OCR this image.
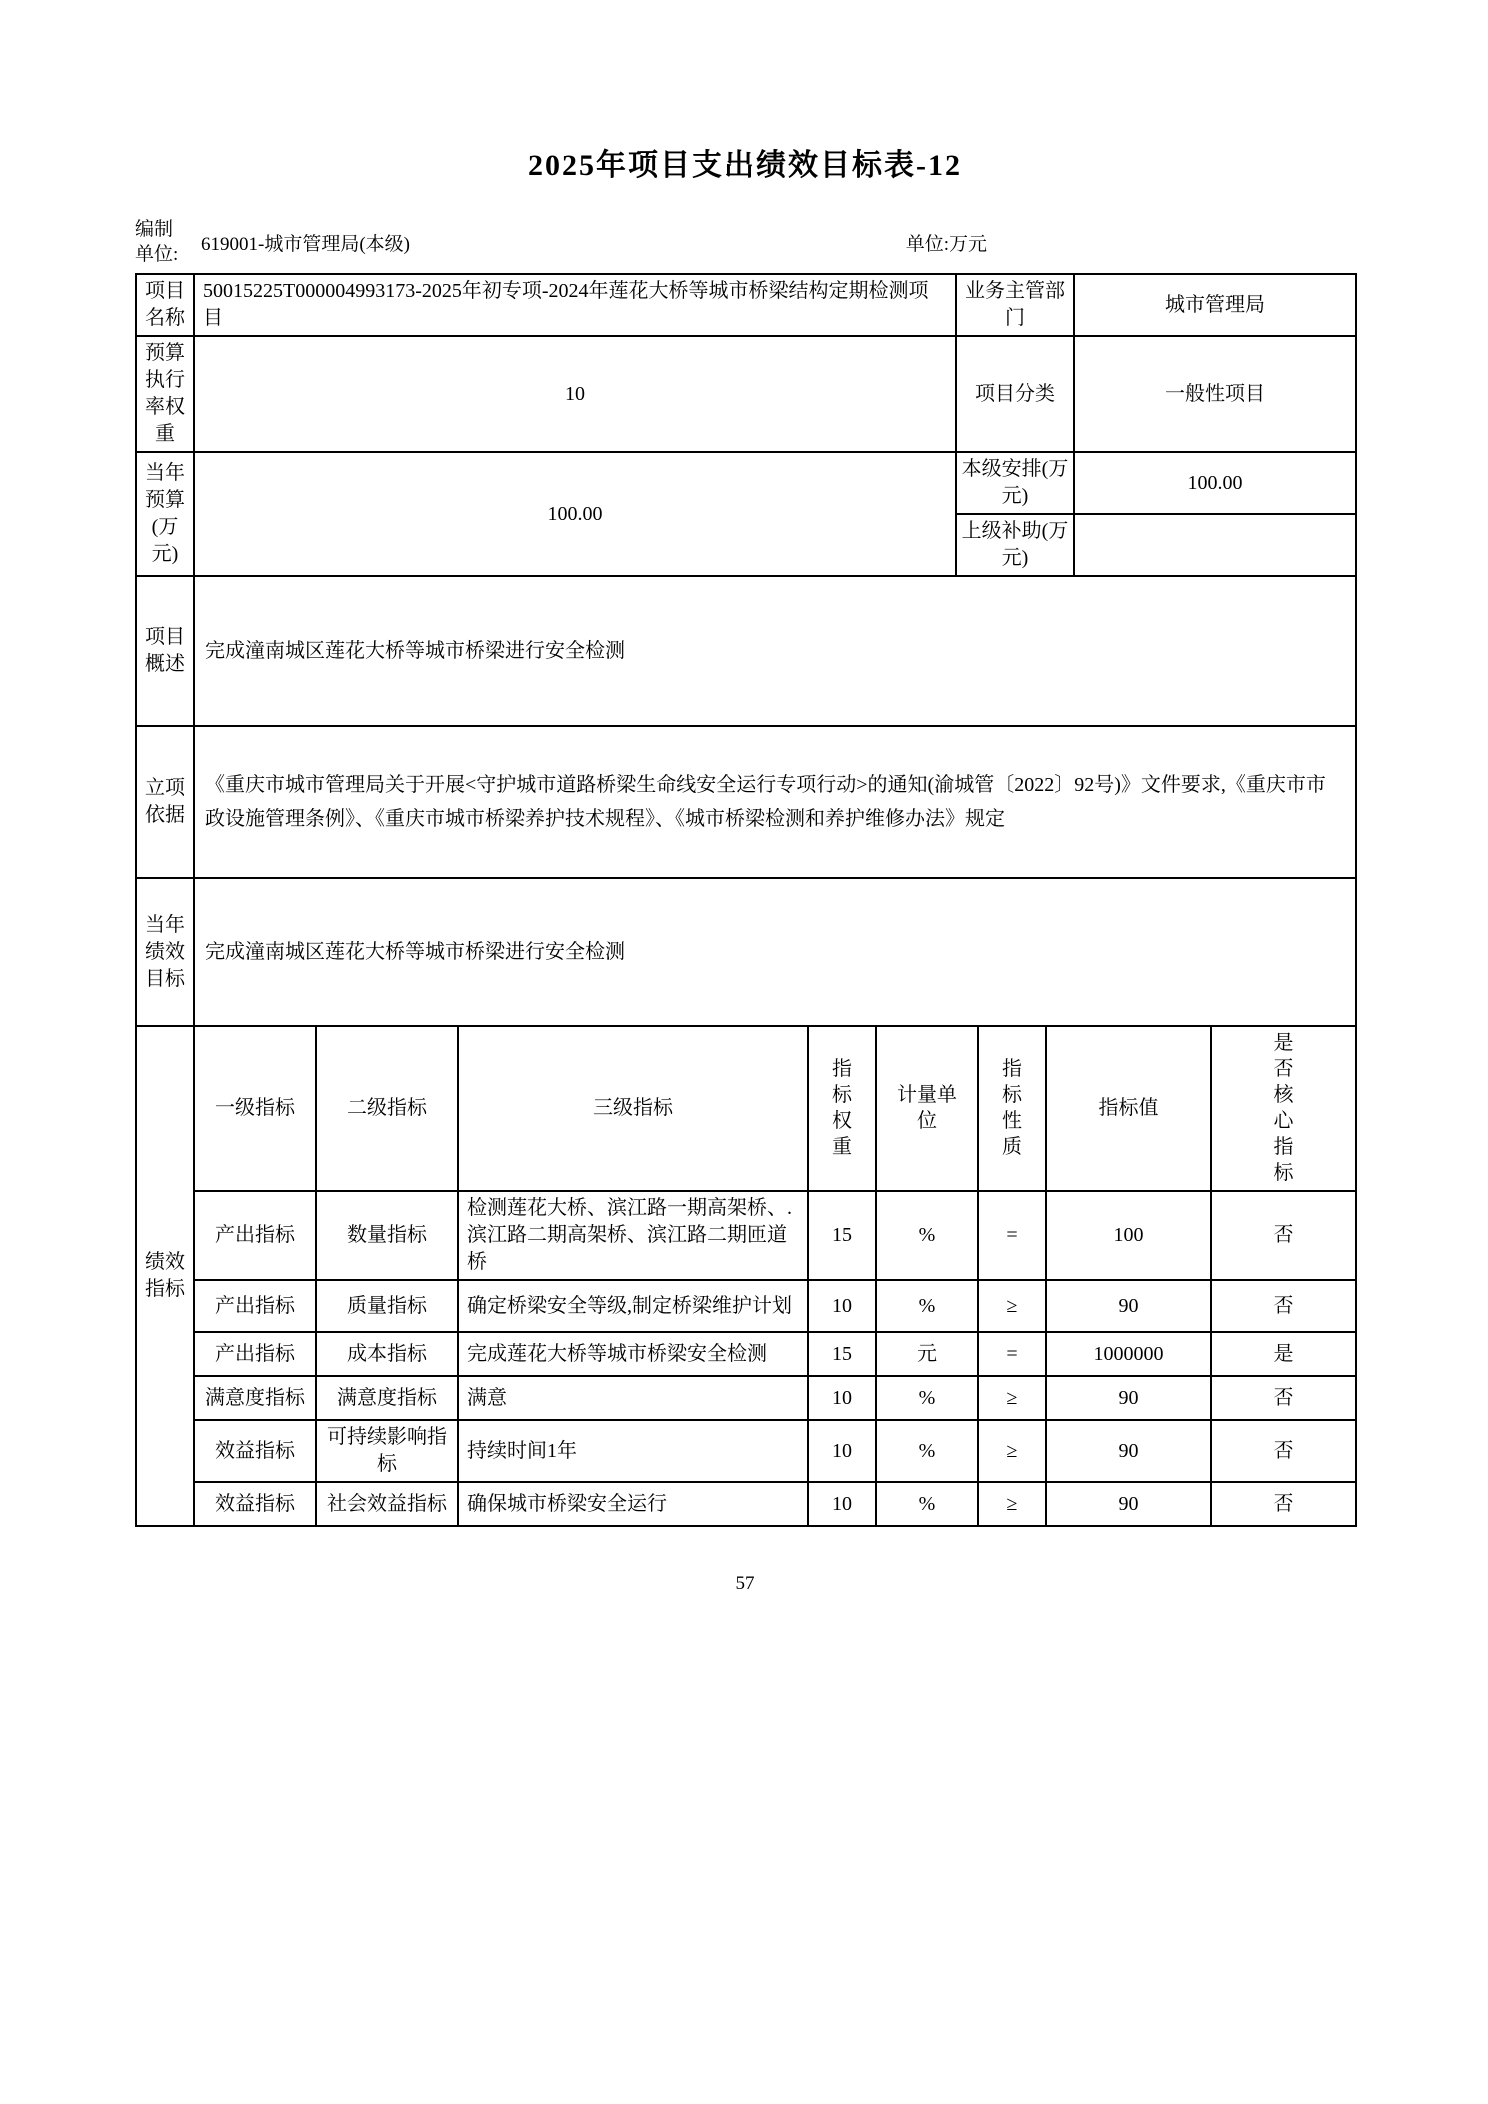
2025年项目支出绩效目标表-12
编制单位:	619001-城市管理局(本级)	单位:万元
项目名称	50015225T000004993173-2025年初专项-2024年莲花大桥等城市桥梁结构定期检测项目	业务主管部门	城市管理局
预算执行率权重	10	项目分类	一般性项目
当年预算(万元)	100.00	本级安排(万元)	100.00
		上级补助(万元)	
项目概述	完成潼南城区莲花大桥等城市桥梁进行安全检测
立项依据	《重庆市城市管理局关于开展<守护城市道路桥梁生命线安全运行专项行动>的通知(渝城管〔2022〕92号)》文件要求,《重庆市市政设施管理条例》、《重庆市城市桥梁养护技术规程》、《城市桥梁检测和养护维修办法》规定
当年绩效目标	完成潼南城区莲花大桥等城市桥梁进行安全检测
绩效指标	一级指标	二级指标	三级指标	指标权重	计量单位	指标性质	指标值	是否核心指标
	产出指标	数量指标	检测莲花大桥、滨江路一期高架桥、.滨江路二期高架桥、滨江路二期匝道桥	15	%	=	100	否
	产出指标	质量指标	确定桥梁安全等级,制定桥梁维护计划	10	%	≥	90	否
	产出指标	成本指标	完成莲花大桥等城市桥梁安全检测	15	元	=	1000000	是
	满意度指标	满意度指标	满意	10	%	≥	90	否
	效益指标	可持续影响指标	持续时间1年	10	%	≥	90	否
	效益指标	社会效益指标	确保城市桥梁安全运行	10	%	≥	90	否
57
